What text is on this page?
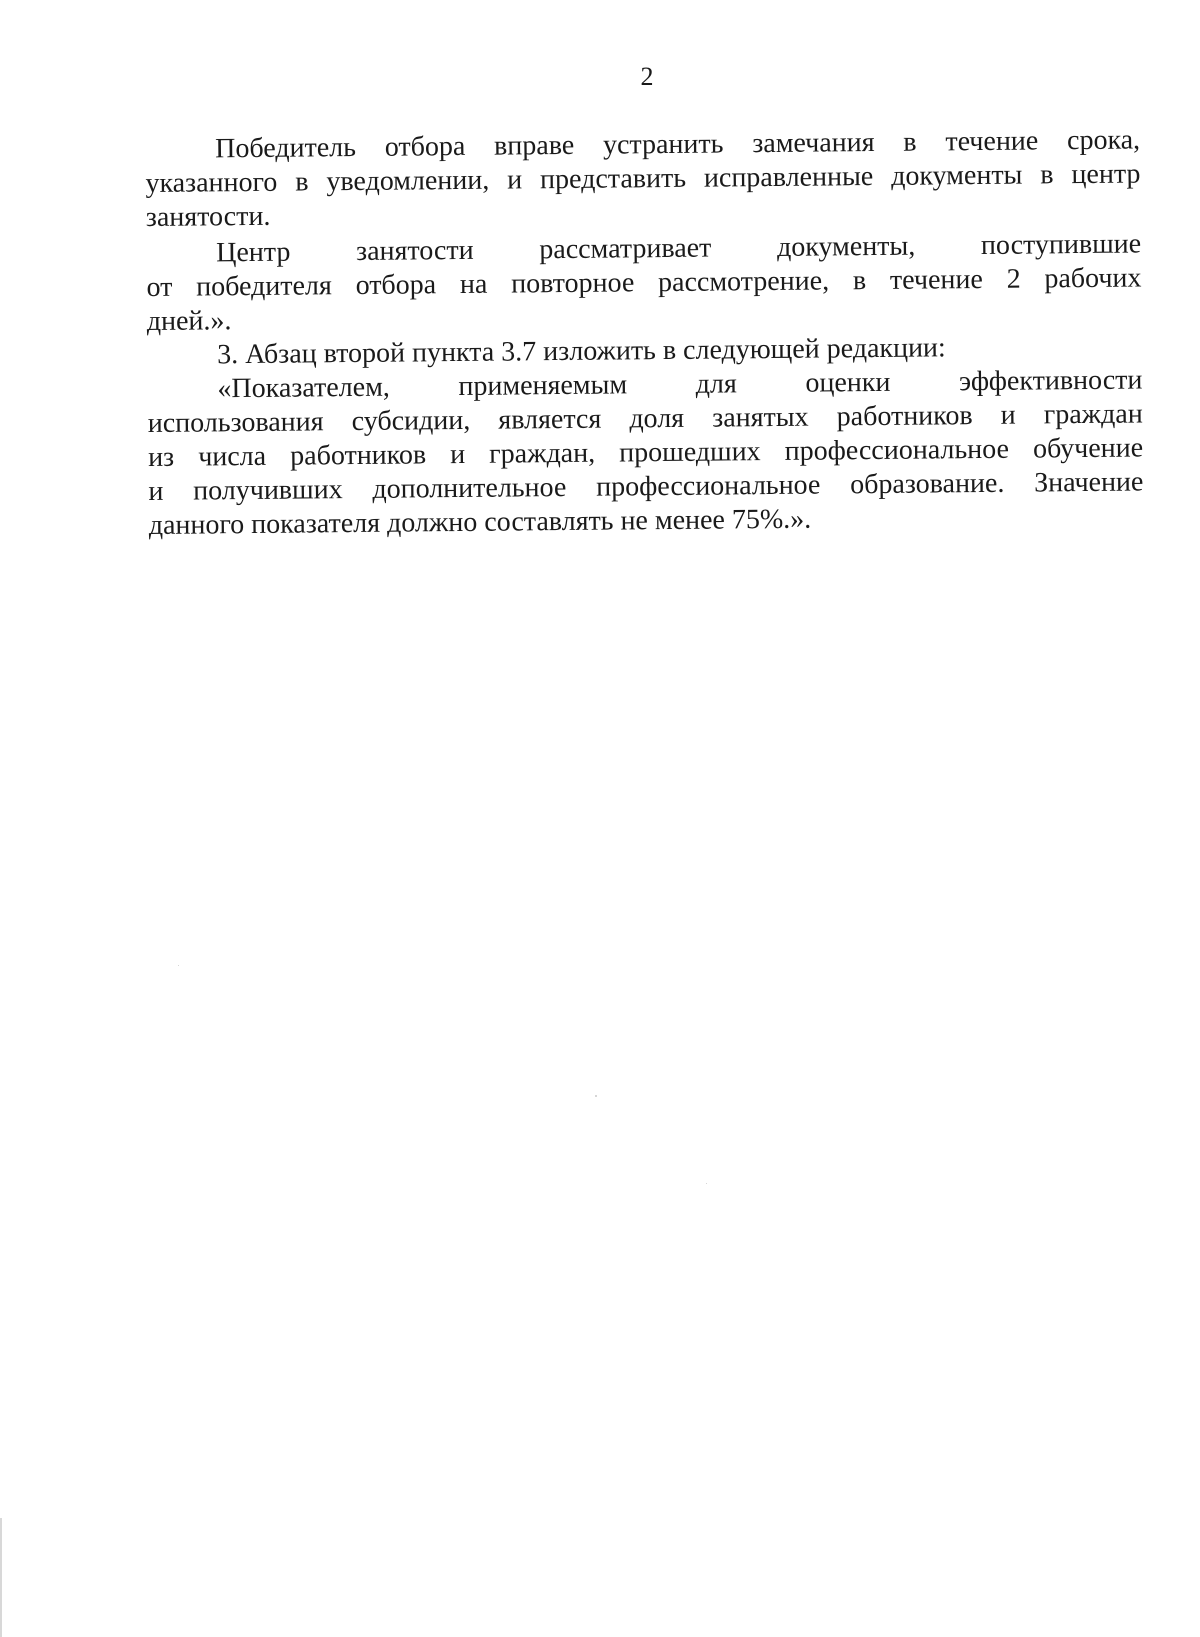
2
Победитель отбора вправе устранить замечания в течение срока,
указанного в уведомлении, и представить исправленные документы в центр
занятости.
Центр занятости рассматривает документы, поступившие
от победителя отбора на повторное рассмотрение, в течение 2 рабочих
дней.».
3. Абзац второй пункта 3.7 изложить в следующей редакции:
«Показателем, применяемым для оценки эффективности
использования субсидии, является доля занятых работников и граждан
из числа работников и граждан, прошедших профессиональное обучение
и получивших дополнительное профессиональное образование. Значение
данного показателя должно составлять не менее 75%.».
